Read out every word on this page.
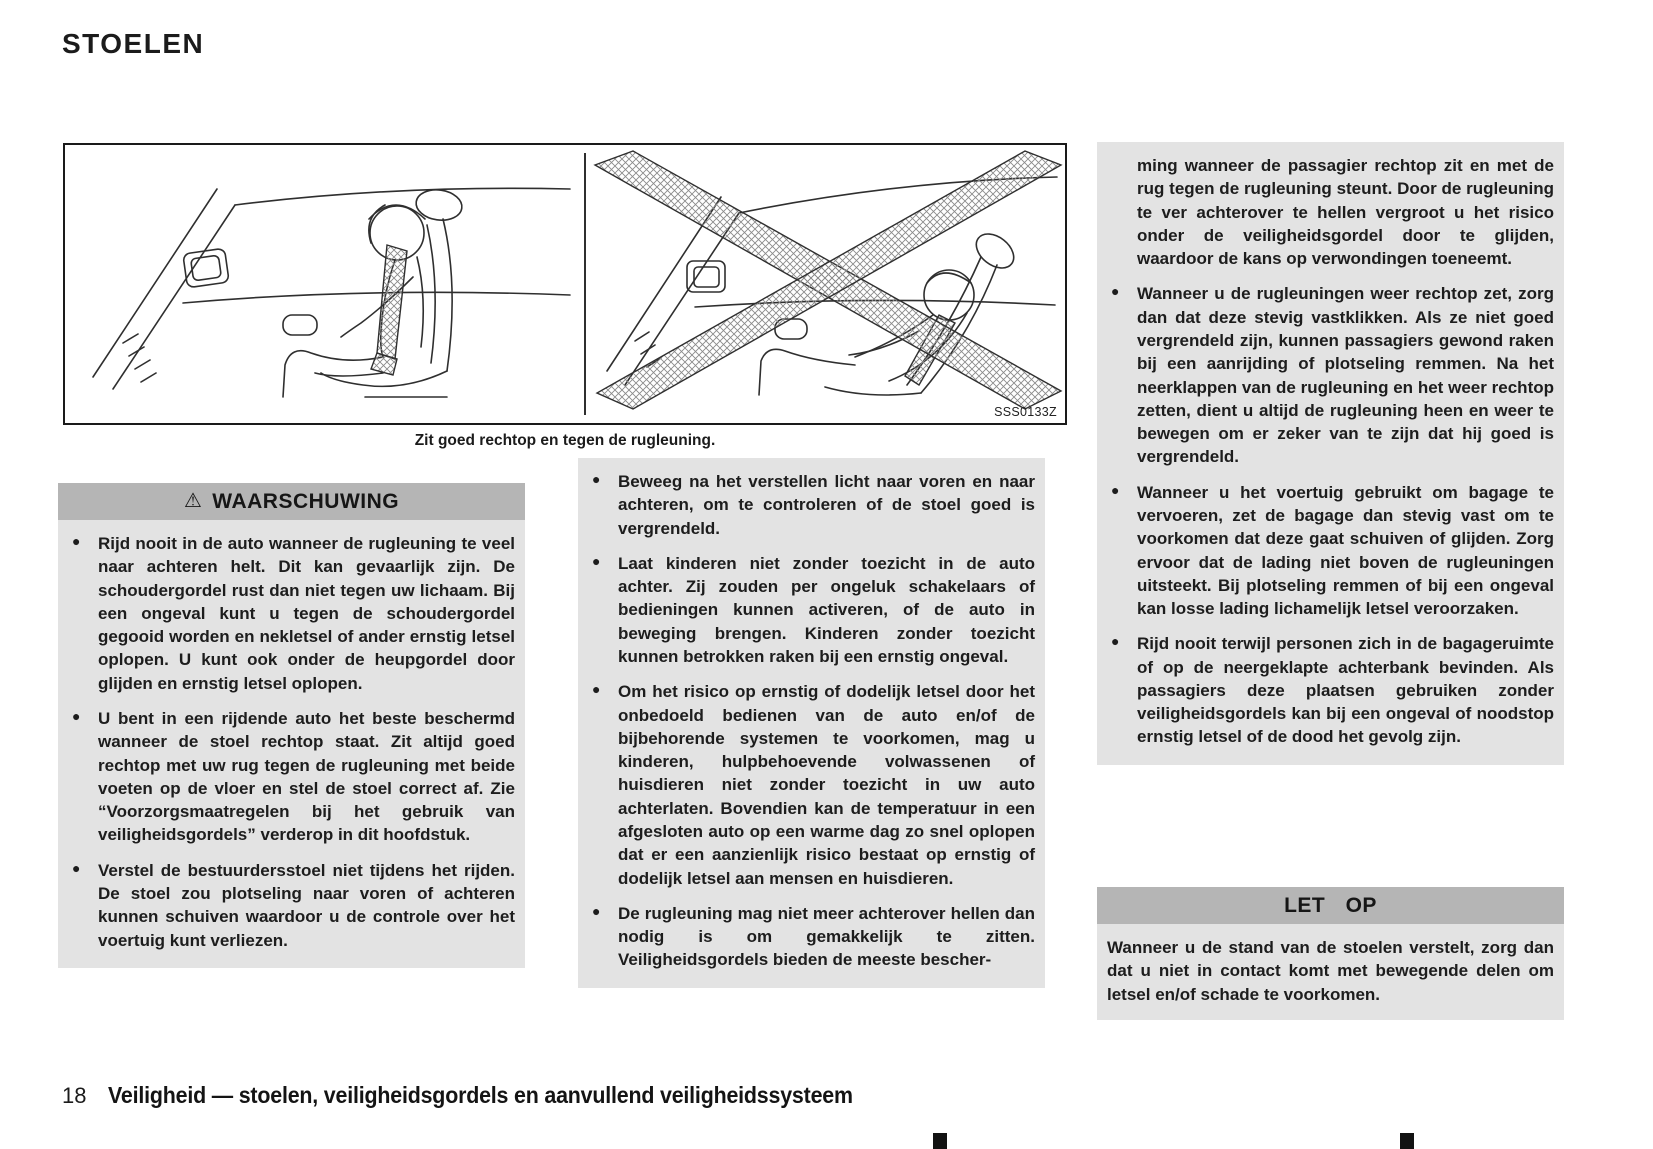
STOELEN
SSS0133Z
Zit goed rechtop en tegen de rugleuning.
⚠ WAARSCHUWING
● Rijd nooit in de auto wanneer de rugleuning te veel naar achteren helt. Dit kan gevaarlijk zijn. De schoudergordel rust dan niet tegen uw lichaam. Bij een ongeval kunt u tegen de schoudergordel gegooid worden en nekletsel of ander ernstig letsel oplopen. U kunt ook onder de heupgordel door glijden en ernstig letsel oplopen.
● U bent in een rijdende auto het beste beschermd wanneer de stoel rechtop staat. Zit altijd goed rechtop met uw rug tegen de rugleuning met beide voeten op de vloer en stel de stoel correct af. Zie “Voorzorgsmaatregelen bij het gebruik van veiligheidsgordels” verderop in dit hoofdstuk.
● Verstel de bestuurdersstoel niet tijdens het rijden. De stoel zou plotseling naar voren of achteren kunnen schuiven waardoor u de controle over het voertuig kunt verliezen.
● Beweeg na het verstellen licht naar voren en naar achteren, om te controleren of de stoel goed is vergrendeld.
● Laat kinderen niet zonder toezicht in de auto achter. Zij zouden per ongeluk schakelaars of bedieningen kunnen activeren, of de auto in beweging brengen. Kinderen zonder toezicht kunnen betrokken raken bij een ernstig ongeval.
● Om het risico op ernstig of dodelijk letsel door het onbedoeld bedienen van de auto en/of de bijbehorende systemen te voorkomen, mag u kinderen, hulpbehoevende volwassenen of huisdieren niet zonder toezicht in uw auto achterlaten. Bovendien kan de temperatuur in een afgesloten auto op een warme dag zo snel oplopen dat er een aanzienlijk risico bestaat op ernstig of dodelijk letsel aan mensen en huisdieren.
● De rugleuning mag niet meer achterover hellen dan nodig is om gemakkelijk te zitten. Veiligheidsgordels bieden de meeste bescher-
ming wanneer de passagier rechtop zit en met de rug tegen de rugleuning steunt. Door de rugleuning te ver achterover te hellen vergroot u het risico onder de veiligheidsgordel door te glijden, waardoor de kans op verwondingen toeneemt.
● Wanneer u de rugleuningen weer rechtop zet, zorg dan dat deze stevig vastklikken. Als ze niet goed vergrendeld zijn, kunnen passagiers gewond raken bij een aanrijding of plotseling remmen. Na het neerklappen van de rugleuning en het weer rechtop zetten, dient u altijd de rugleuning heen en weer te bewegen om er zeker van te zijn dat hij goed is vergrendeld.
● Wanneer u het voertuig gebruikt om bagage te vervoeren, zet de bagage dan stevig vast om te voorkomen dat deze gaat schuiven of glijden. Zorg ervoor dat de lading niet boven de rugleuningen uitsteekt. Bij plotseling remmen of bij een ongeval kan losse lading lichamelijk letsel veroorzaken.
● Rijd nooit terwijl personen zich in de bagageruimte of op de neergeklapte achterbank bevinden. Als passagiers deze plaatsen gebruiken zonder veiligheidsgordels kan bij een ongeval of noodstop ernstig letsel of de dood het gevolg zijn.
LET OP
Wanneer u de stand van de stoelen verstelt, zorg dan dat u niet in contact komt met bewegende delen om letsel en/of schade te voorkomen.
18 Veiligheid — stoelen, veiligheidsgordels en aanvullend veiligheidssysteem
